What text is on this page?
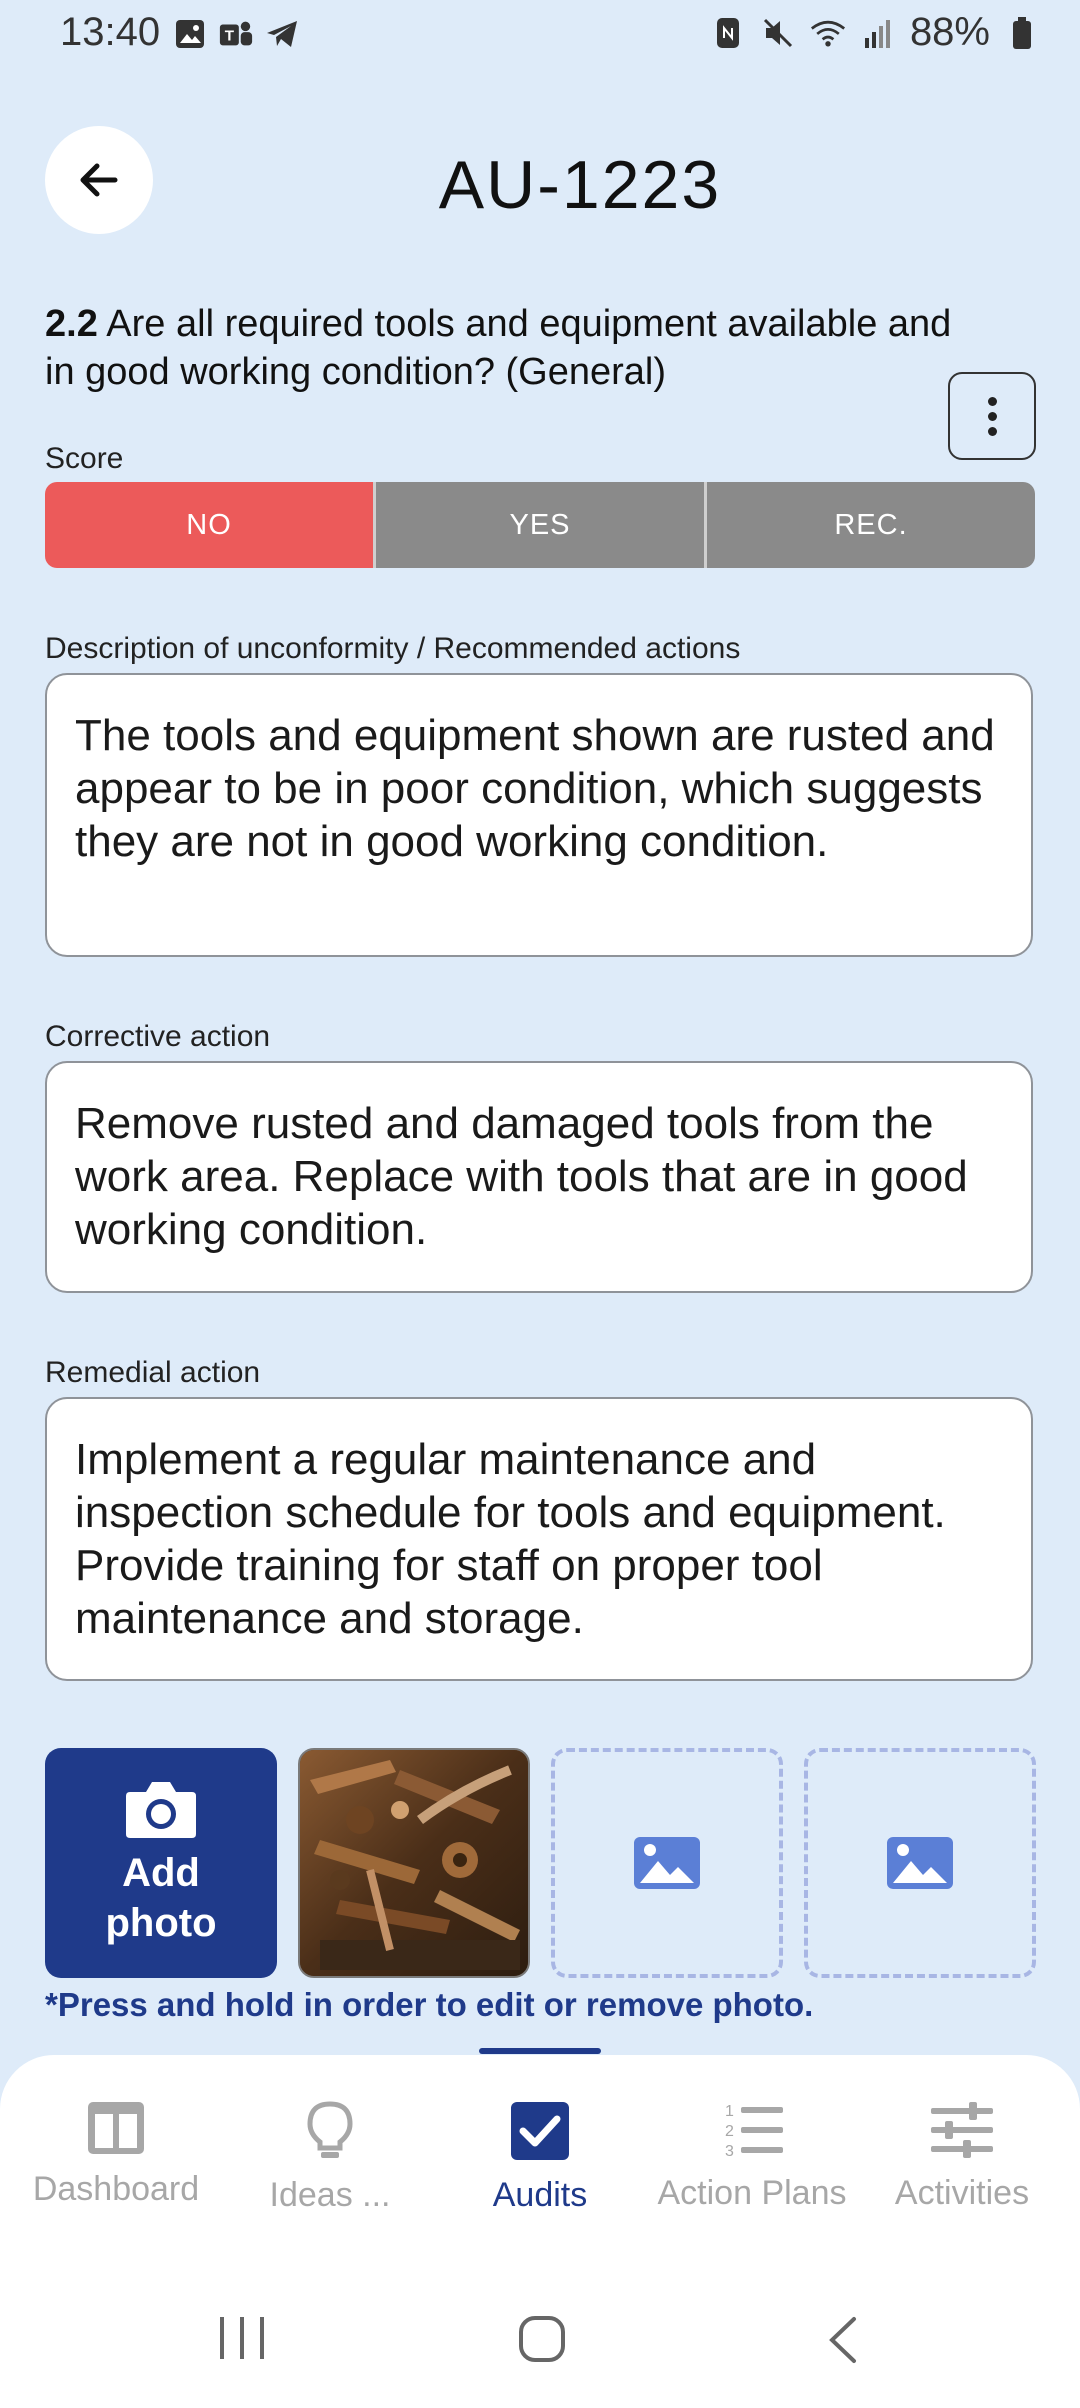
13:40	T	88%
AU-1223
2.2 Are all required tools and equipment available and in good working condition? (General)
Score
NO	YES	REC.
Description of unconformity / Recommended actions
The tools and equipment shown are rusted and appear to be in poor condition, which suggests they are not in good working condition.
Corrective action
Remove rusted and damaged tools from the work area. Replace with tools that are in good working condition.
Remedial action
Implement a regular maintenance and inspection schedule for tools and equipment. Provide training for staff on proper tool maintenance and storage.
Add
photo
*Press and hold in order to edit or remove photo.
Dashboard Ideas ...	Audits
1
2
3
Action Plans Activities
